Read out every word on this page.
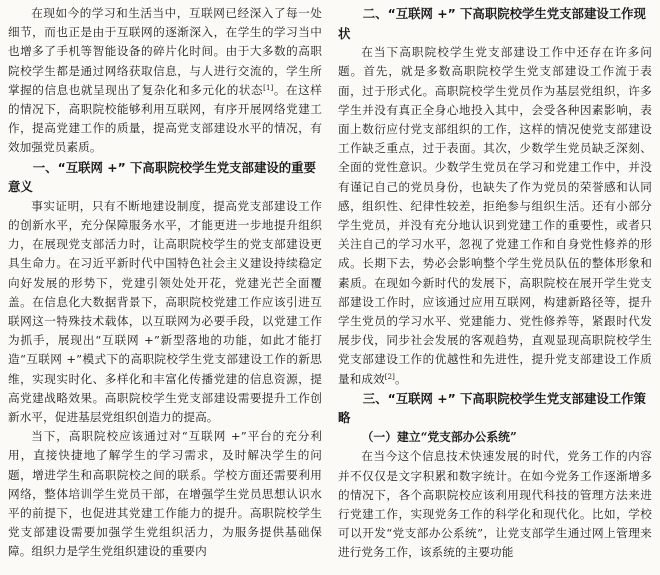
在现如今的学习和生活当中，互联网已经深入了每一处细节，而也正是由于互联网的逐渐深入，在学生的学习当中也增多了手机等智能设备的碎片化时间。由于大多数的高职院校学生都是通过网络获取信息，与人进行交流的，学生所掌握的信息也就呈现出了复杂化和多元化的状态[1]。在这样的情况下，高职院校能够利用互联网，有序开展网络党建工作，提高党建工作的质量，提高党支部建设水平的情况，有效加强党员素质。

一、“互联网 +” 下高职院校学生党支部建设的重要意义

事实证明，只有不断地建设制度，提高党支部建设工作的创新水平，充分保障服务水平，才能更进一步地提升组织力，在展现党支部活力时，让高职院校学生的党支部建设更具生命力。在习近平新时代中国特色社会主义建设持续稳定向好发展的形势下，党建引领处处开花，党建光芒全面覆盖。在信息化大数据背景下，高职院校党建工作应该引进互联网这一特殊技术载体，以互联网为必要手段，以党建工作为抓手，展现出“互联网 +”新型落地的功能，如此才能打造“互联网 +”模式下的高职院校学生党支部建设工作的新思维，实现实时化、多样化和丰富化传播党建的信息资源，提高党建战略效果。高职院校学生党支部建设需要提升工作创新水平，促进基层党组织创造力的提高。

当下，高职院校应该通过对“互联网 +”平台的充分利用，直接快捷地了解学生的学习需求，及时解决学生的问题，增进学生和高职院校之间的联系。学校方面还需要利用网络，整体培训学生党员干部，在增强学生党员思想认识水平的前提下，也促进其党建工作能力的提升。高职院校学生党支部建设需要加强学生党组织活力，为服务提供基础保障。组织力是学生党组织建设的重要内

二、“互联网 +” 下高职院校学生党支部建设工作现状

在当下高职院校学生党支部建设工作中还存在许多问题。首先，就是多数高职院校学生党支部建设工作流于表面，过于形式化。高职院校学生党员作为基层党组织，许多学生并没有真正全身心地投入其中，会受各种因素影响，表面上数衍应付党支部组织的工作，这样的情况使党支部建设工作缺乏重点，过于表面。其次，少数学生党员缺乏深刻、全面的党性意识。少数学生党员在学习和党建工作中，并没有谨记自己的党员身份，也缺失了作为党员的荣誉感和认同感，组织性、纪律性较差，拒绝参与组织生活。还有小部分学生党员，并没有充分地认识到党建工作的重要性，或者只关注自己的学习水平，忽视了党建工作和自身党性修养的形成。长期下去，势必会影响整个学生党员队伍的整体形象和素质。在现如今新时代的发展下，高职院校在展开学生党支部建设工作时，应该通过应用互联网，构建新路径等，提升学生党员的学习水平、党建能力、党性修养等，紧跟时代发展步伐，同步社会发展的客观趋势，直观显现高职院校学生党支部建设工作的优越性和先进性，提升党支部建设工作质量和成效[2]。

三、“互联网 +” 下高职院校学生党支部建设工作策略
（一）建立“党支部办公系统”

在当今这个信息技术快速发展的时代，党务工作的内容并不仅仅是文字积累和数字统计。在如今党务工作逐渐增多的情况下，各个高职院校应该利用现代科技的管理方法来进行党建工作，实现党务工作的科学化和现代化。比如，学校可以开发“党支部办公系统”，让党支部学生通过网上管理来进行党务工作，该系统的主要功能
